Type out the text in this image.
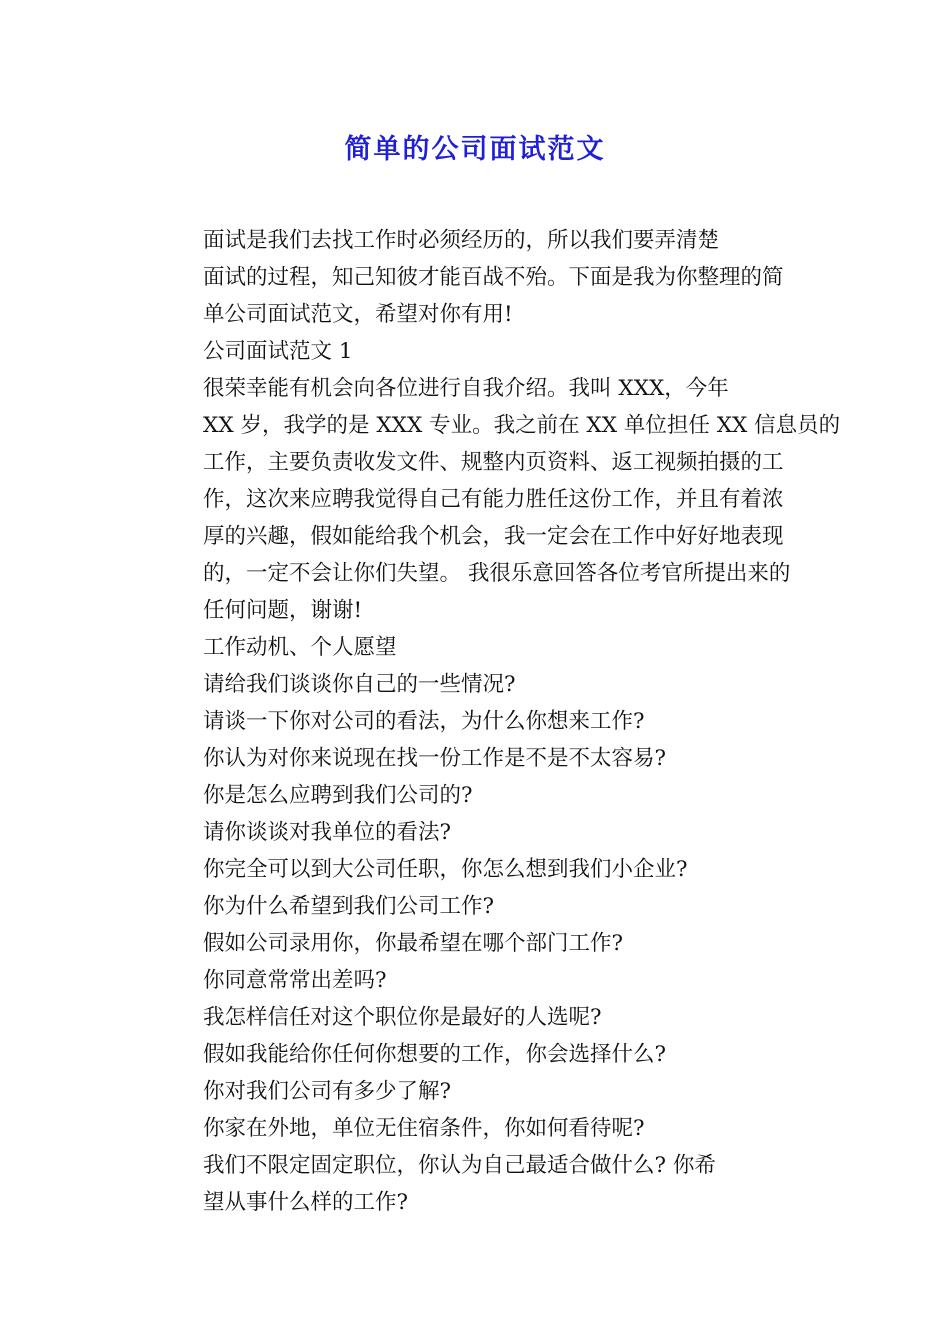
简单的公司面试范文

面试是我们去找工作时必须经历的，所以我们要弄清楚
面试的过程，知己知彼才能百战不殆。下面是我为你整理的简
单公司面试范文，希望对你有用!

公司面试范文 1

很荣幸能有机会向各位进行自我介绍。我叫 XXX，今年
XX 岁，我学的是 XXX 专业。我之前在 XX 单位担任 XX 信息员的
工作，主要负责收发文件、规整内页资料、返工视频拍摄的工
作，这次来应聘我觉得自己有能力胜任这份工作，并且有着浓
厚的兴趣，假如能给我个机会，我一定会在工作中好好地表现
的，一定不会让你们失望。 我很乐意回答各位考官所提出来的
任何问题，谢谢!

工作动机、个人愿望

请给我们谈谈你自己的一些情况?

请谈一下你对公司的看法，为什么你想来工作?

你认为对你来说现在找一份工作是不是不太容易?

你是怎么应聘到我们公司的?

请你谈谈对我单位的看法?

你完全可以到大公司任职，你怎么想到我们小企业?

你为什么希望到我们公司工作?

假如公司录用你，你最希望在哪个部门工作?

你同意常常出差吗?

我怎样信任对这个职位你是最好的人选呢?

假如我能给你任何你想要的工作，你会选择什么?

你对我们公司有多少了解?

你家在外地，单位无住宿条件，你如何看待呢?

我们不限定固定职位，你认为自己最适合做什么? 你希
望从事什么样的工作?
